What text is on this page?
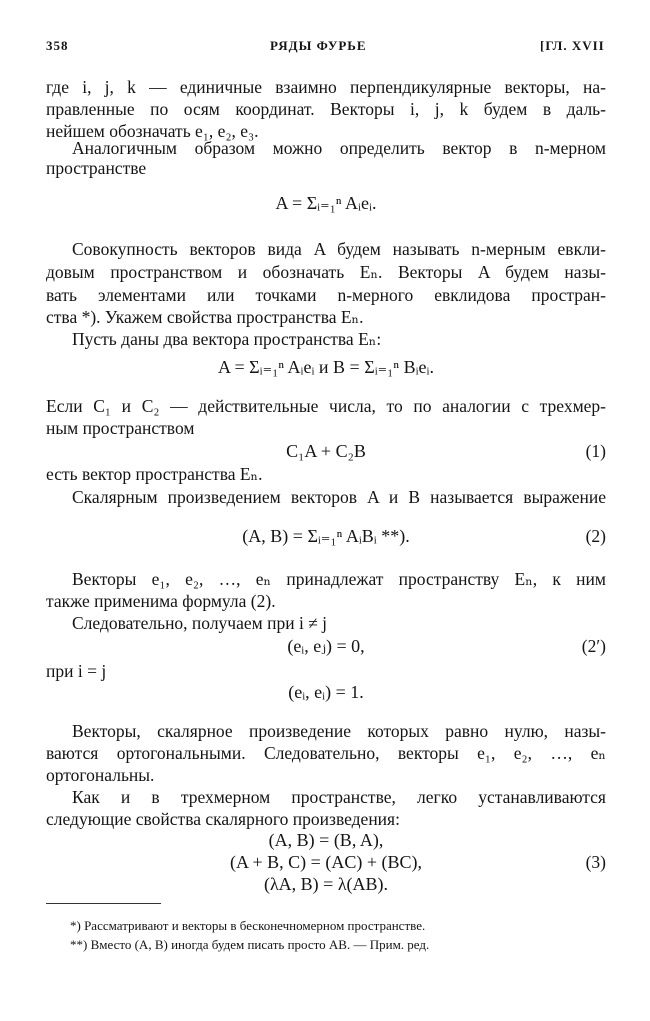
358	РЯДЫ ФУРЬЕ	[ГЛ. XVII
где i, j, k — единичные взаимно перпендикулярные векторы, на-
правленные по осям координат. Векторы i, j, k будем в даль-
нейшем обозначать e₁, e₂, e₃.
Аналогичным образом можно определить вектор в n-мерном
пространстве
A = Σᵢ₌₁ⁿ Aᵢeᵢ.
Совокупность векторов вида A будем называть n-мерным евкли-
довым пространством и обозначать Eₙ. Векторы A будем назы-
вать элементами или точками n-мерного евклидова простран-
ства *). Укажем свойства пространства Eₙ.
Пусть даны два вектора пространства Eₙ:
A = Σᵢ₌₁ⁿ Aᵢeᵢ и B = Σᵢ₌₁ⁿ Bᵢeᵢ.
Если C₁ и C₂ — действительные числа, то по аналогии с трехмер-
ным пространством
C₁A + C₂B	(1)
есть вектор пространства Eₙ.
Скалярным произведением векторов A и B называется выражение
(A, B) = Σᵢ₌₁ⁿ AᵢBᵢ **).	(2)
Векторы e₁, e₂, …, eₙ принадлежат пространству Eₙ, к ним
также применима формула (2).
Следовательно, получаем при i ≠ j
(eᵢ, eⱼ) = 0,	(2′)
при i = j
(eᵢ, eᵢ) = 1.
Векторы, скалярное произведение которых равно нулю, назы-
ваются ортогональными. Следовательно, векторы e₁, e₂, …, eₙ
ортогональны.
Как и в трехмерном пространстве, легко устанавливаются
следующие свойства скалярного произведения:
(A, B) = (B, A),
(A + B, C) = (AC) + (BC),	(3)
(λA, B) = λ(AB).
*) Рассматривают и векторы в бесконечномерном пространстве.
**) Вместо (A, B) иногда будем писать просто AB. — Прим. ред.
